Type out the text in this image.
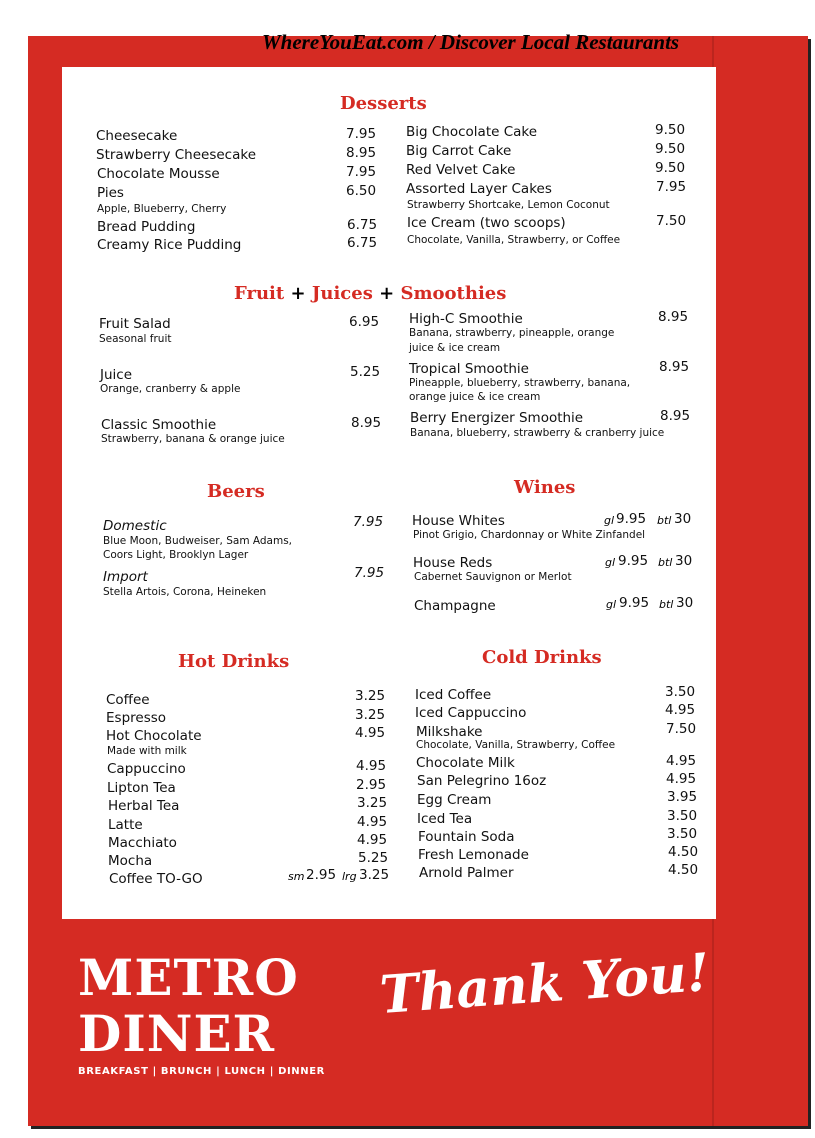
WhereYouEat.com / Discover Local Restaurants
Desserts
Cheesecake	7.95
Strawberry Cheesecake	8.95
Chocolate Mousse	7.95
Pies	6.50
Apple, Blueberry, Cherry
Bread Pudding	6.75
Creamy Rice Pudding	6.75
Big Chocolate Cake	9.50
Big Carrot Cake	9.50
Red Velvet Cake	9.50
Assorted Layer Cakes	7.95
Strawberry Shortcake, Lemon Coconut
Ice Cream (two scoops)	7.50
Chocolate, Vanilla, Strawberry, or Coffee
Fruit + Juices + Smoothies
Fruit Salad	6.95
Seasonal fruit
Juice	5.25
Orange, cranberry & apple
Classic Smoothie	8.95
Strawberry, banana & orange juice
High-C Smoothie	8.95
Banana, strawberry, pineapple, orange
juice & ice cream
Tropical Smoothie	8.95
Pineapple, blueberry, strawberry, banana,
orange juice & ice cream
Berry Energizer Smoothie	8.95
Banana, blueberry, strawberry & cranberry juice
Beers
Domestic	7.95
Blue Moon, Budweiser, Sam Adams,
Coors Light, Brooklyn Lager
Import	7.95
Stella Artois, Corona, Heineken
Wines
House Whites	gl 9.95 btl 30
Pinot Grigio, Chardonnay or White Zinfandel
House Reds	gl 9.95 btl 30
Cabernet Sauvignon or Merlot
Champagne	gl 9.95 btl 30
Hot Drinks
Coffee	3.25
Espresso	3.25
Hot Chocolate	4.95
Made with milk
Cappuccino	4.95
Lipton Tea	2.95
Herbal Tea	3.25
Latte	4.95
Macchiato	4.95
Mocha	5.25
Coffee TO-GO	sm 2.95 lrg 3.25
Cold Drinks
Iced Coffee	3.50
Iced Cappuccino	4.95
Milkshake	7.50
Chocolate, Vanilla, Strawberry, Coffee
Chocolate Milk	4.95
San Pelegrino 16oz	4.95
Egg Cream	3.95
Iced Tea	3.50
Fountain Soda	3.50
Fresh Lemonade	4.50
Arnold Palmer	4.50
METRO
DINER
BREAKFAST | BRUNCH | LUNCH | DINNER
Thank You!
